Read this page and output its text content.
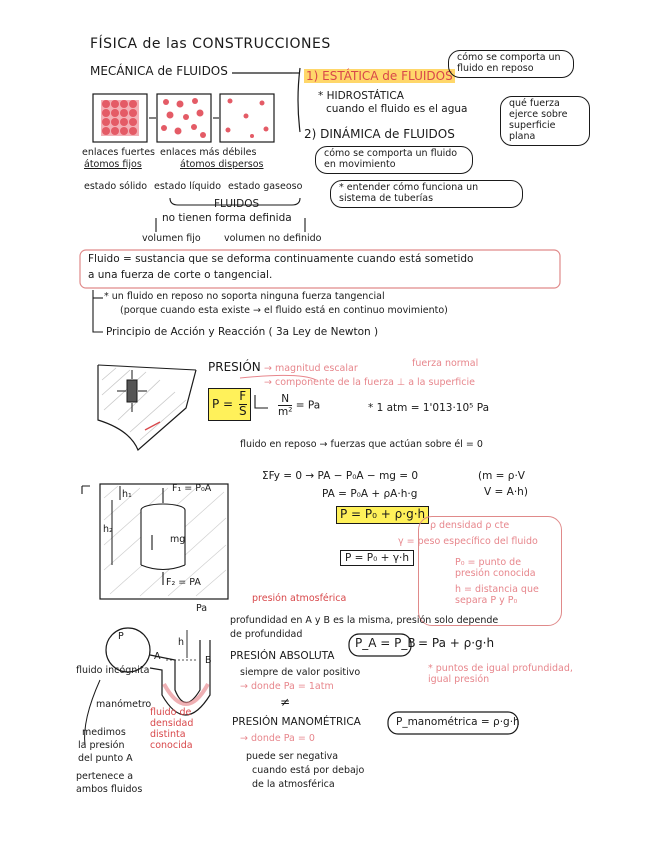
FÍSICA de las CONSTRUCCIONES
MECÁNICA de FLUIDOS	1) ESTÁTICA de FLUIDOS
* HIDROSTÁTICA
cuando el fluido es el agua
2) DINÁMICA de FLUIDOS
cómo se comporta un fluido en reposo
qué fuerza ejerce sobre superficie plana
cómo se comporta un fluido en movimiento
* entender cómo funciona un sistema de tuberías
enlaces fuertes
átomos fijos
enlaces más débiles
átomos dispersos
estado sólido estado líquido estado gaseoso
FLUIDOS
no tienen forma definida
volumen fijo volumen no definido
Fluido = sustancia que se deforma continuamente cuando está sometido
a una fuerza de corte o tangencial.
* un fluido en reposo no soporta ninguna fuerza tangencial
(porque cuando esta existe → el fluido está en continuo movimiento)
Principio de Acción y Reacción ( 3a Ley de Newton )
PRESIÓN → magnitud escalar	fuerza normal
→ componente de la fuerza ⊥ a la superficie
$P = \frac{F}{S}$	$\frac{N}{\text{m²}} = Pa$	* 1 atm = 1'013·10⁵ Pa
fluido en reposo → fuerzas que actúan sobre él = 0
ΣFy = 0 → PA − P₀A − mg = 0
PA = P₀A + ρA·h·g
(m = ρ·V
V = A·h)
P = P₀ + ρ·g·h
P = P₀ + γ·h
ρ densidad ρ cte
γ = peso específico del fluido
P₀ = punto de presión conocida
h = distancia que separa P y P₀
F₁ = P₀A
mg
F₂ = PA
h₁
h₂
presión atmosférica
profundidad en A y B es la misma, presión solo depende
de profundidad
P_A = P_B = Pa + ρ·g·h
* puntos de igual profundidad, igual presión
PRESIÓN ABSOLUTA
siempre de valor positivo
→ donde Pa = 1atm
≠
PRESIÓN MANOMÉTRICA	P_manométrica = ρ·g·h
→ donde Pa = 0
puede ser negativa
cuando está por debajo
de la atmosférica
fluido incógnita
manómetro
fluido de densidad distinta conocida
medimos
la presión
del punto A
pertenece a
ambos fluidos
P
A	B
h
Pa
